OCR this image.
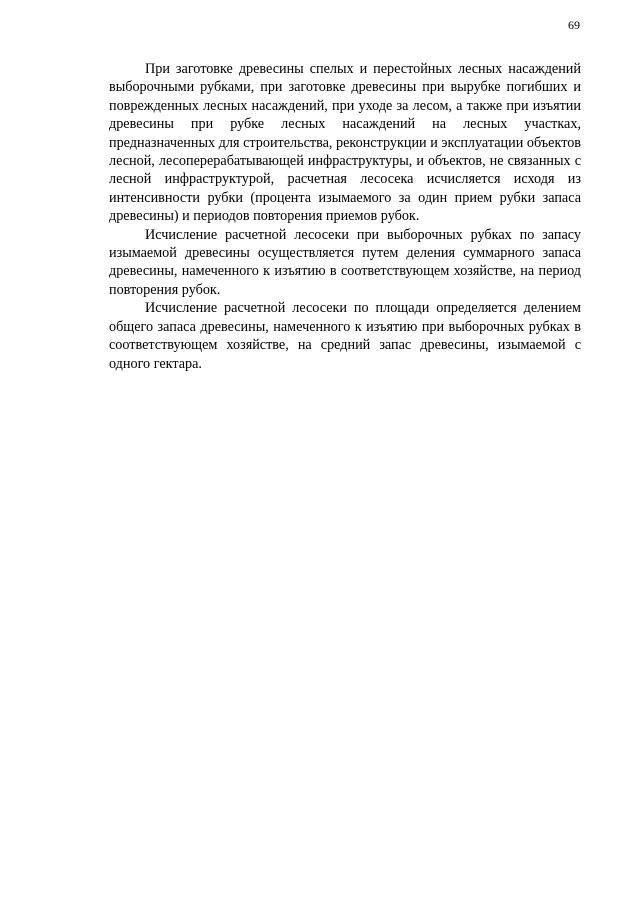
69

При заготовке древесины спелых и перестойных лесных насаждений выборочными рубками, при заготовке древесины при вырубке погибших и поврежденных лесных насаждений, при уходе за лесом, а также при изъятии древесины при рубке лесных насаждений на лесных участках, предназначенных для строительства, реконструкции и эксплуатации объектов лесной, лесоперерабатывающей инфраструктуры, и объектов, не связанных с лесной инфраструктурой, расчетная лесосека исчисляется исходя из интенсивности рубки (процента изымаемого за один прием рубки запаса древесины) и периодов повторения приемов рубок.

Исчисление расчетной лесосеки при выборочных рубках по запасу изымаемой древесины осуществляется путем деления суммарного запаса древесины, намеченного к изъятию в соответствующем хозяйстве, на период повторения рубок.

Исчисление расчетной лесосеки по площади определяется делением общего запаса древесины, намеченного к изъятию при выборочных рубках в соответствующем хозяйстве, на средний запас древесины, изымаемой с одного гектара.
